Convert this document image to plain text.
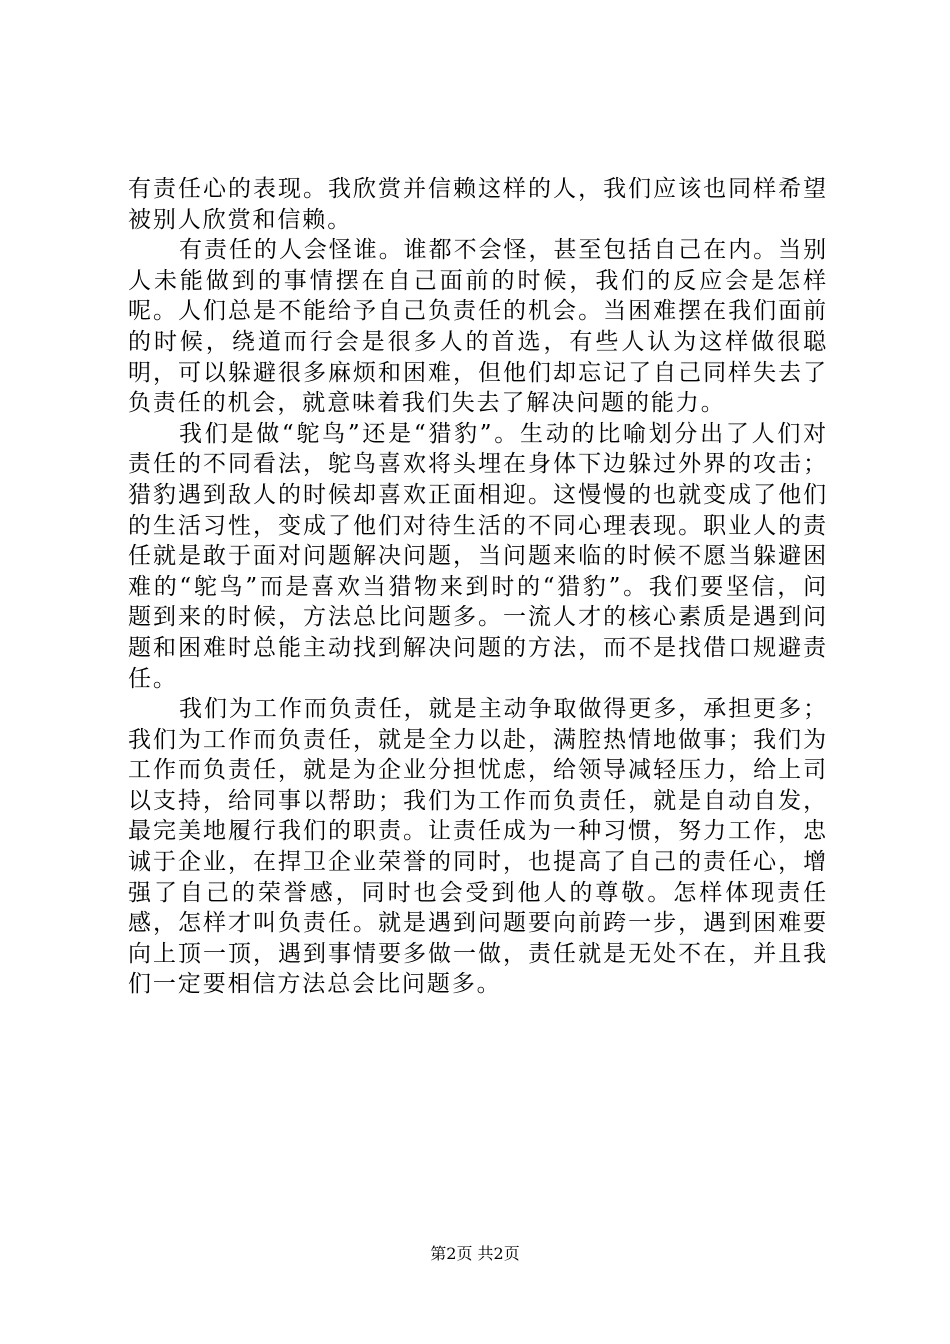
有责任心的表现。我欣赏并信赖这样的人，我们应该也同样希望被别人欣赏和信赖。

有责任的人会怪谁。谁都不会怪，甚至包括自己在内。当别人未能做到的事情摆在自己面前的时候，我们的反应会是怎样呢。人们总是不能给予自己负责任的机会。当困难摆在我们面前的时候，绕道而行会是很多人的首选，有些人认为这样做很聪明，可以躲避很多麻烦和困难，但他们却忘记了自己同样失去了负责任的机会，就意味着我们失去了解决问题的能力。

我们是做“鸵鸟”还是“猎豹”。生动的比喻划分出了人们对责任的不同看法，鸵鸟喜欢将头埋在身体下边躲过外界的攻击；猎豹遇到敌人的时候却喜欢正面相迎。这慢慢的也就变成了他们的生活习性，变成了他们对待生活的不同心理表现。职业人的责任就是敢于面对问题解决问题，当问题来临的时候不愿当躲避困难的“鸵鸟”而是喜欢当猎物来到时的“猎豹”。我们要坚信，问题到来的时候，方法总比问题多。一流人才的核心素质是遇到问题和困难时总能主动找到解决问题的方法，而不是找借口规避责任。

我们为工作而负责任，就是主动争取做得更多，承担更多；我们为工作而负责任，就是全力以赴，满腔热情地做事；我们为工作而负责任，就是为企业分担忧虑，给领导减轻压力，给上司以支持，给同事以帮助；我们为工作而负责任，就是自动自发，最完美地履行我们的职责。让责任成为一种习惯，努力工作，忠诚于企业，在捍卫企业荣誉的同时，也提高了自己的责任心，增强了自己的荣誉感，同时也会受到他人的尊敬。怎样体现责任感，怎样才叫负责任。就是遇到问题要向前跨一步，遇到困难要向上顶一顶，遇到事情要多做一做，责任就是无处不在，并且我们一定要相信方法总会比问题多。

第2页 共2页
